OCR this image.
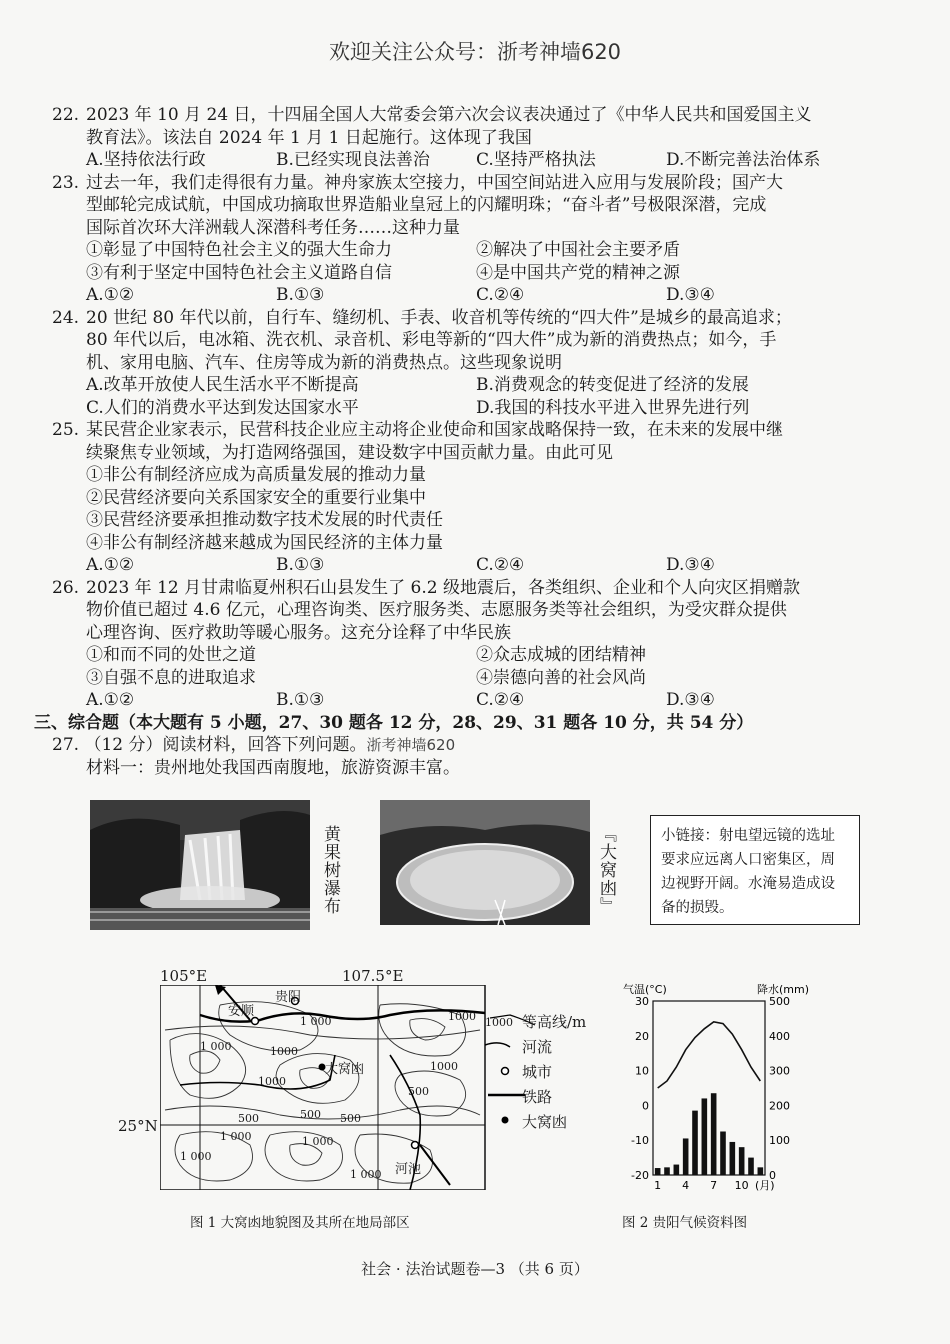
欢迎关注公众号：浙考神墙620
22. 2023 年 10 月 24 日，十四届全国人大常委会第六次会议表决通过了《中华人民共和国爱国主义
教育法》。该法自 2024 年 1 月 1 日起施行。这体现了我国
A.坚持依法行政	B.已经实现良法善治	C.坚持严格执法	D.不断完善法治体系
23. 过去一年，我们走得很有力量。神舟家族太空接力，中国空间站进入应用与发展阶段；国产大
型邮轮完成试航，中国成功摘取世界造船业皇冠上的闪耀明珠；“奋斗者”号极限深潜，完成
国际首次环大洋洲载人深潜科考任务……这种力量
①彰显了中国特色社会主义的强大生命力	②解决了中国社会主要矛盾
③有利于坚定中国特色社会主义道路自信	④是中国共产党的精神之源
A.①②	B.①③	C.②④	D.③④
24. 20 世纪 80 年代以前，自行车、缝纫机、手表、收音机等传统的“四大件”是城乡的最高追求；
80 年代以后，电冰箱、洗衣机、录音机、彩电等新的“四大件”成为新的消费热点；如今，手
机、家用电脑、汽车、住房等成为新的消费热点。这些现象说明
A.改革开放使人民生活水平不断提高	B.消费观念的转变促进了经济的发展
C.人们的消费水平达到发达国家水平	D.我国的科技水平进入世界先进行列
25. 某民营企业家表示，民营科技企业应主动将企业使命和国家战略保持一致，在未来的发展中继
续聚焦专业领域，为打造网络强国，建设数字中国贡献力量。由此可见
①非公有制经济应成为高质量发展的推动力量
②民营经济要向关系国家安全的重要行业集中
③民营经济要承担推动数字技术发展的时代责任
④非公有制经济越来越成为国民经济的主体力量
A.①②	B.①③	C.②④	D.③④
26. 2023 年 12 月甘肃临夏州积石山县发生了 6.2 级地震后，各类组织、企业和个人向灾区捐赠款
物价值已超过 4.6 亿元，心理咨询类、医疗服务类、志愿服务类等社会组织，为受灾群众提供
心理咨询、医疗救助等暖心服务。这充分诠释了中华民族
①和而不同的处世之道	②众志成城的团结精神
③自强不息的进取追求	④崇德向善的社会风尚
A.①②	B.①③	C.②④	D.③④
三、综合题（本大题有 5 小题，27、30 题各 12 分，28、29、31 题各 10 分，共 54 分）
27. （12 分）阅读材料，回答下列问题。浙考神墙620
材料一：贵州地处我国西南腹地，旅游资源丰富。
黄果树瀑布	『大窝凼』	小链接：射电望远镜的选址要求应远离人口密集区，周边视野开阔。水淹易造成设备的损毁。
105°E	107.5°E
25°N
安顺
贵阳
大窝凼
河池
1 000
1 000	1000
1000
500	500 500
500
1 000
1 000
1 000
1000
1 000
1000
1000 等高线/m
河流
城市
铁路
大窝凼
图 1 大窝凼地貌图及其所在地局部区	图 2 贵阳气候资料图
气温(°C)	降水(mm)
30
20
10
0
-10
-20
500
400
300
200
100
0
1 4 7 10 (月)
社会 · 法治试题卷—3 （共 6 页）
